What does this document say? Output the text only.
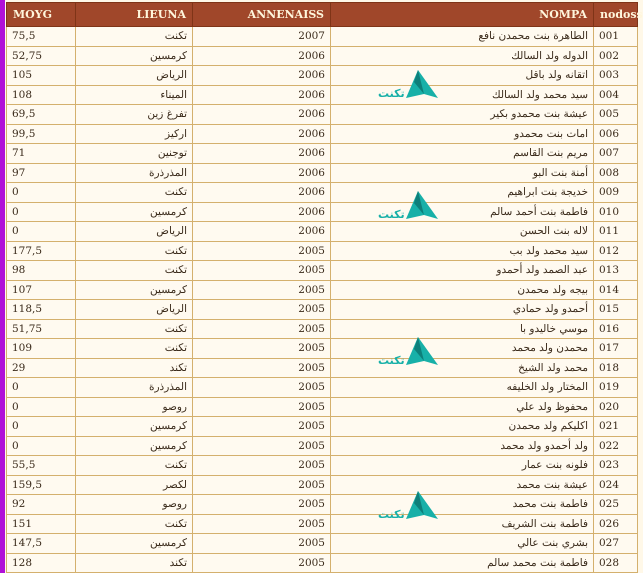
MOYG	LIEUNA	ANNENAISS	NOMPA	nodoss
75,5	تكنت	2007	الطاهرة بنت محمدن نافع	001
52,75	كرمسين	2006	الدوله ولد السالك	002
105	الرياض	2006	اتقانه ولد باقل	003
108	الميناء	2006	سيد محمد ولد السالك	004
69,5	تفرغ زين	2006	عيشة بنت محمدو بكير	005
99,5	اركيز	2006	امات بنت محمدو	006
71	توجنين	2006	مريم بنت القاسم	007
97	المذرذرة	2006	أمنة بنت البو	008
0	تكنت	2006	خديجة بنت ابراهيم	009
0	كرمسين	2006	فاطمة بنت أحمد سالم	010
0	الرياض	2006	لاله بنت الحسن	011
177,5	تكنت	2005	سيد محمد ولد بب	012
98	تكنت	2005	عبد الصمد ولد أحمدو	013
107	كرمسين	2005	بيجه ولد محمدن	014
118,5	الرياض	2005	أحمدو ولد حمادي	015
51,75	تكنت	2005	موسي خاليدو با	016
109	تكنت	2005	محمدن ولد محمد	017
29	تكند	2005	محمد ولد الشيخ	018
0	المذرذرة	2005	المختار ولد الخليفه	019
0	روصو	2005	محفوظ ولد علي	020
0	كرمسين	2005	اكليكم ولد محمدن	021
0	كرمسين	2005	ولد أحمدو ولد محمد	022
55,5	تكنت	2005	فلونه بنت عمار	023
159,5	لكصر	2005	عيشة بنت محمد	024
92	روصو	2005	فاطمة بنت محمد	025
151	تكنت	2005	فاطمة بنت الشريف	026
147,5	كرمسين	2005	بشري بنت عالي	027
128	تكند	2005	فاطمة بنت محمد سالم	028
تكنت
تكنت
تكنت
تكنت
